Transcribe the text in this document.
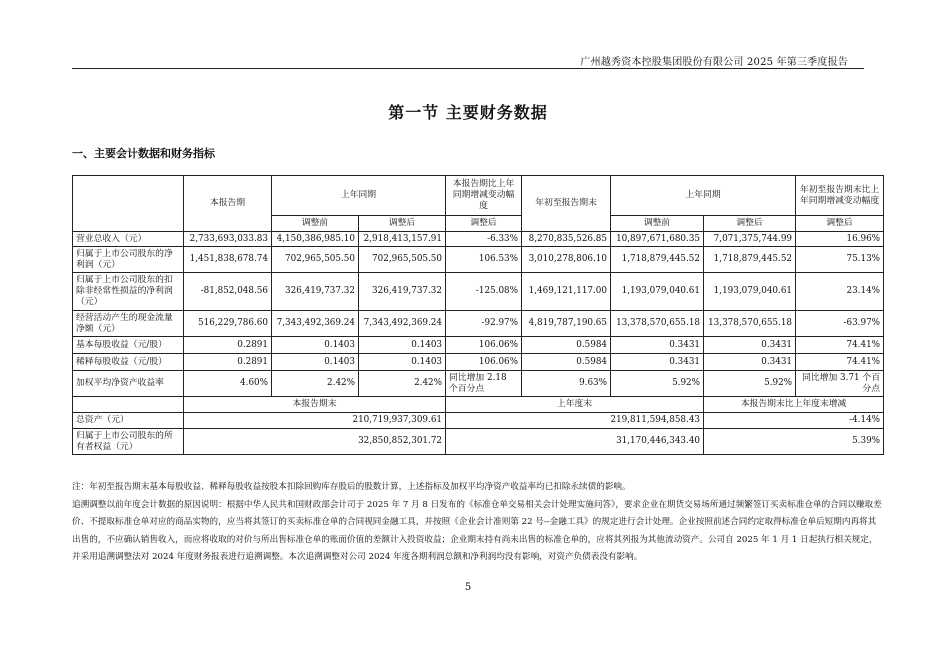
广州越秀资本控股集团股份有限公司 2025 年第三季度报告
第一节 主要财务数据
一、主要会计数据和财务指标
	本报告期	上年同期		本报告期比上年同期增减变动幅度	年初至报告期末	上年同期		年初至报告期末比上年同期增减变动幅度
		调整前	调整后	调整后		调整前	调整后	调整后
营业总收入（元）	2,733,693,033.83	4,150,386,985.10	2,918,413,157.91	-6.33%	8,270,835,526.85	10,897,671,680.35	7,071,375,744.99	16.96%
归属于上市公司股东的净利润（元）	1,451,838,678.74	702,965,505.50	702,965,505.50	106.53%	3,010,278,806.10	1,718,879,445.52	1,718,879,445.52	75.13%
归属于上市公司股东的扣除非经常性损益的净利润（元）	-81,852,048.56	326,419,737.32	326,419,737.32	-125.08%	1,469,121,117.00	1,193,079,040.61	1,193,079,040.61	23.14%
经营活动产生的现金流量净额（元）	516,229,786.60	7,343,492,369.24	7,343,492,369.24	-92.97%	4,819,787,190.65	13,378,570,655.18	13,378,570,655.18	-63.97%
基本每股收益（元/股）	0.2891	0.1403	0.1403	106.06%	0.5984	0.3431	0.3431	74.41%
稀释每股收益（元/股）	0.2891	0.1403	0.1403	106.06%	0.5984	0.3431	0.3431	74.41%
加权平均净资产收益率	4.60%	2.42%	2.42%	同比增加 2.18 个百分点	9.63%	5.92%	5.92%	同比增加 3.71 个百分点
	本报告期末			上年度末			本报告期末比上年度末增减	
总资产（元）	210,719,937,309.61			219,811,594,858.43			-4.14%	
归属于上市公司股东的所有者权益（元）	32,850,852,301.72			31,170,446,343.40			5.39%	

注：年初至报告期末基本每股收益、稀释每股收益按股本扣除回购库存股后的股数计算，上述指标及加权平均净资产收益率均已扣除永续债的影响。

追溯调整以前年度会计数据的原因说明：根据中华人民共和国财政部会计司于 2025 年 7 月 8 日发布的《标准仓单交易相关会计处理实施问答》，要求企业在期货交易场所通过频繁签订买卖标准仓单的合同以赚取差价、不提取标准仓单对应的商品实物的，应当将其签订的买卖标准仓单的合同视同金融工具，并按照《企业会计准则第 22 号--金融工具》的规定进行会计处理。企业按照前述合同约定取得标准仓单后短期内再将其出售的，不应确认销售收入，而应将收取的对价与所出售标准仓单的账面价值的差额计入投资收益；企业期末持有尚未出售的标准仓单的，应将其列报为其他流动资产。公司自 2025 年 1 月 1 日起执行相关规定，并采用追溯调整法对 2024 年度财务报表进行追溯调整。本次追溯调整对公司 2024 年度各期利润总额和净利润均没有影响，对资产负债表没有影响。

5
